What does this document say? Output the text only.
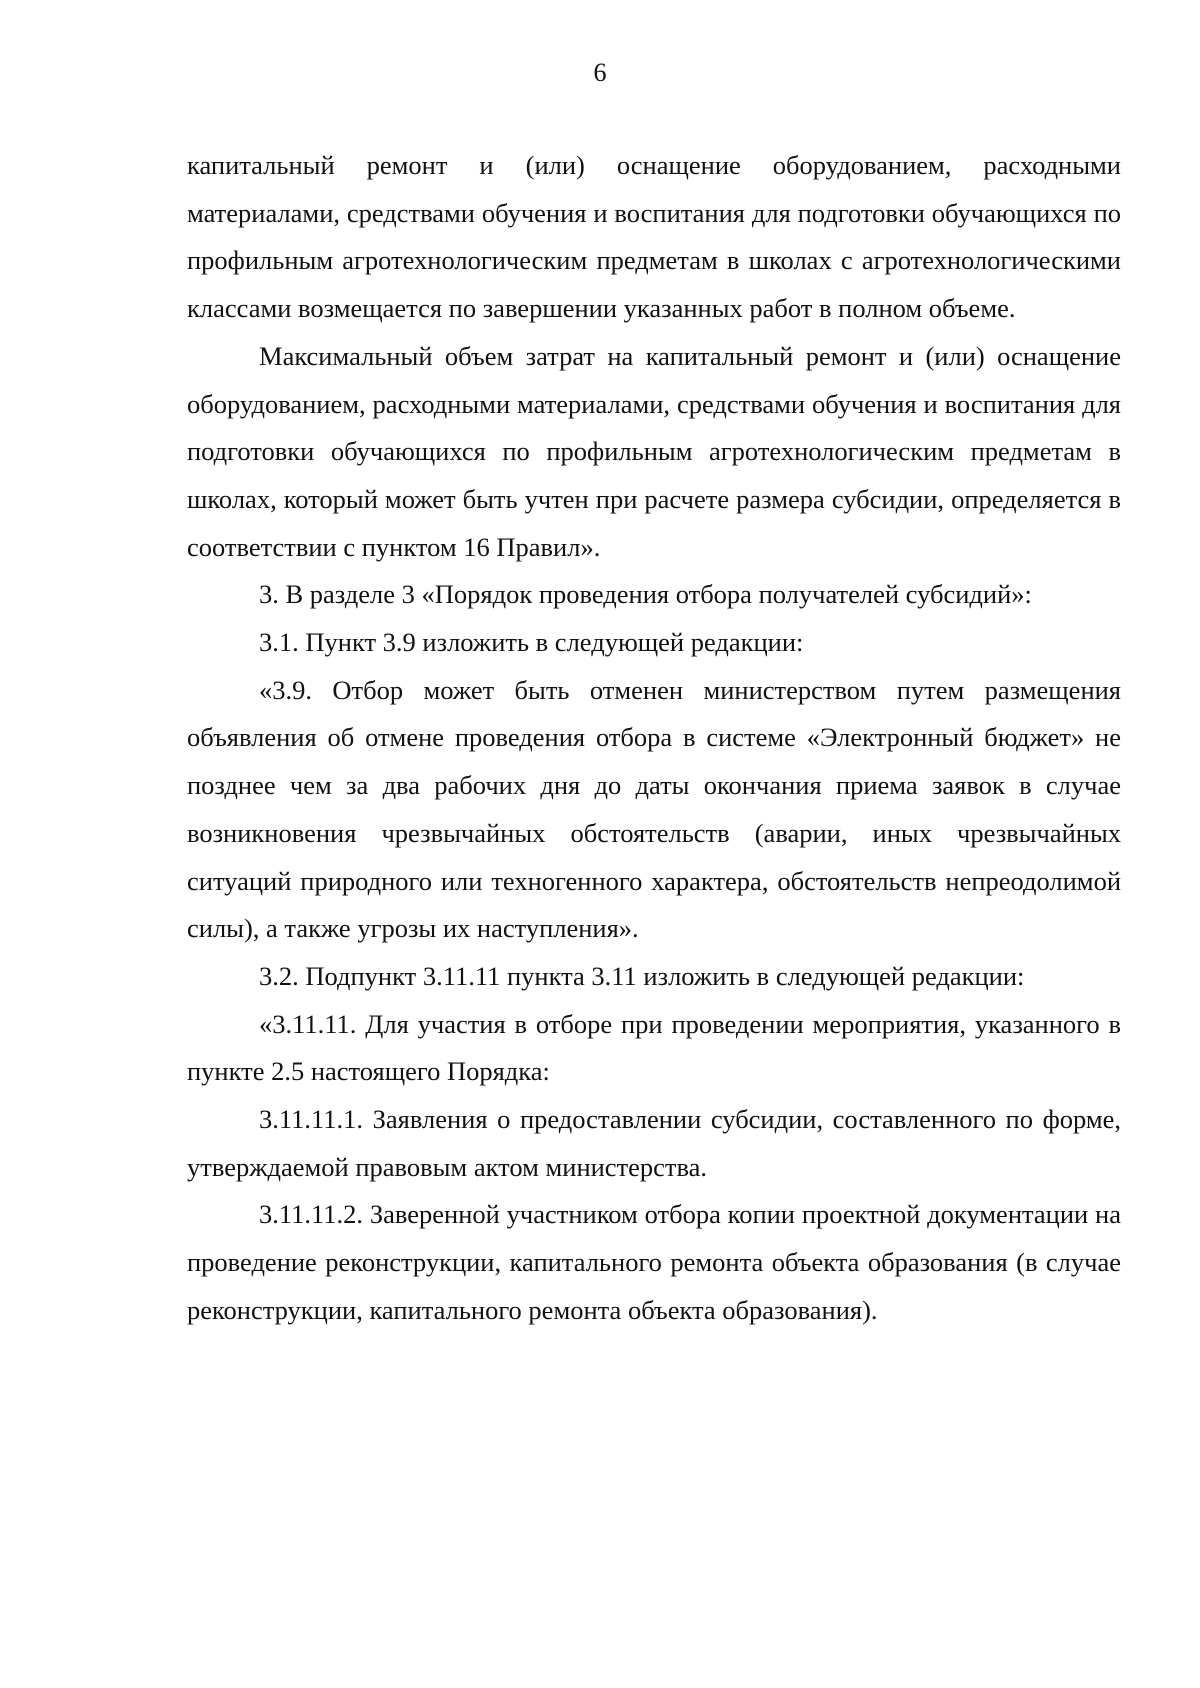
6

капитальный ремонт и (или) оснащение оборудованием, расходными материалами, средствами обучения и воспитания для подготовки обучающихся по профильным агротехнологическим предметам в школах с агротехнологическими классами возмещается по завершении указанных работ в полном объеме.

Максимальный объем затрат на капитальный ремонт и (или) оснащение оборудованием, расходными материалами, средствами обучения и воспитания для подготовки обучающихся по профильным агротехнологическим предметам в школах, который может быть учтен при расчете размера субсидии, определяется в соответствии с пунктом 16 Правил».

3. В разделе 3 «Порядок проведения отбора получателей субсидий»:

3.1. Пункт 3.9 изложить в следующей редакции:

«3.9. Отбор может быть отменен министерством путем размещения объявления об отмене проведения отбора в системе «Электронный бюджет» не позднее чем за два рабочих дня до даты окончания приема заявок в случае возникновения чрезвычайных обстоятельств (аварии, иных чрезвычайных ситуаций природного или техногенного характера, обстоятельств непреодолимой силы), а также угрозы их наступления».

3.2. Подпункт 3.11.11 пункта 3.11 изложить в следующей редакции:

«3.11.11. Для участия в отборе при проведении мероприятия, указанного в пункте 2.5 настоящего Порядка:

3.11.11.1. Заявления о предоставлении субсидии, составленного по форме, утверждаемой правовым актом министерства.

3.11.11.2. Заверенной участником отбора копии проектной документации на проведение реконструкции, капитального ремонта объекта образования (в случае реконструкции, капитального ремонта объекта образования).
